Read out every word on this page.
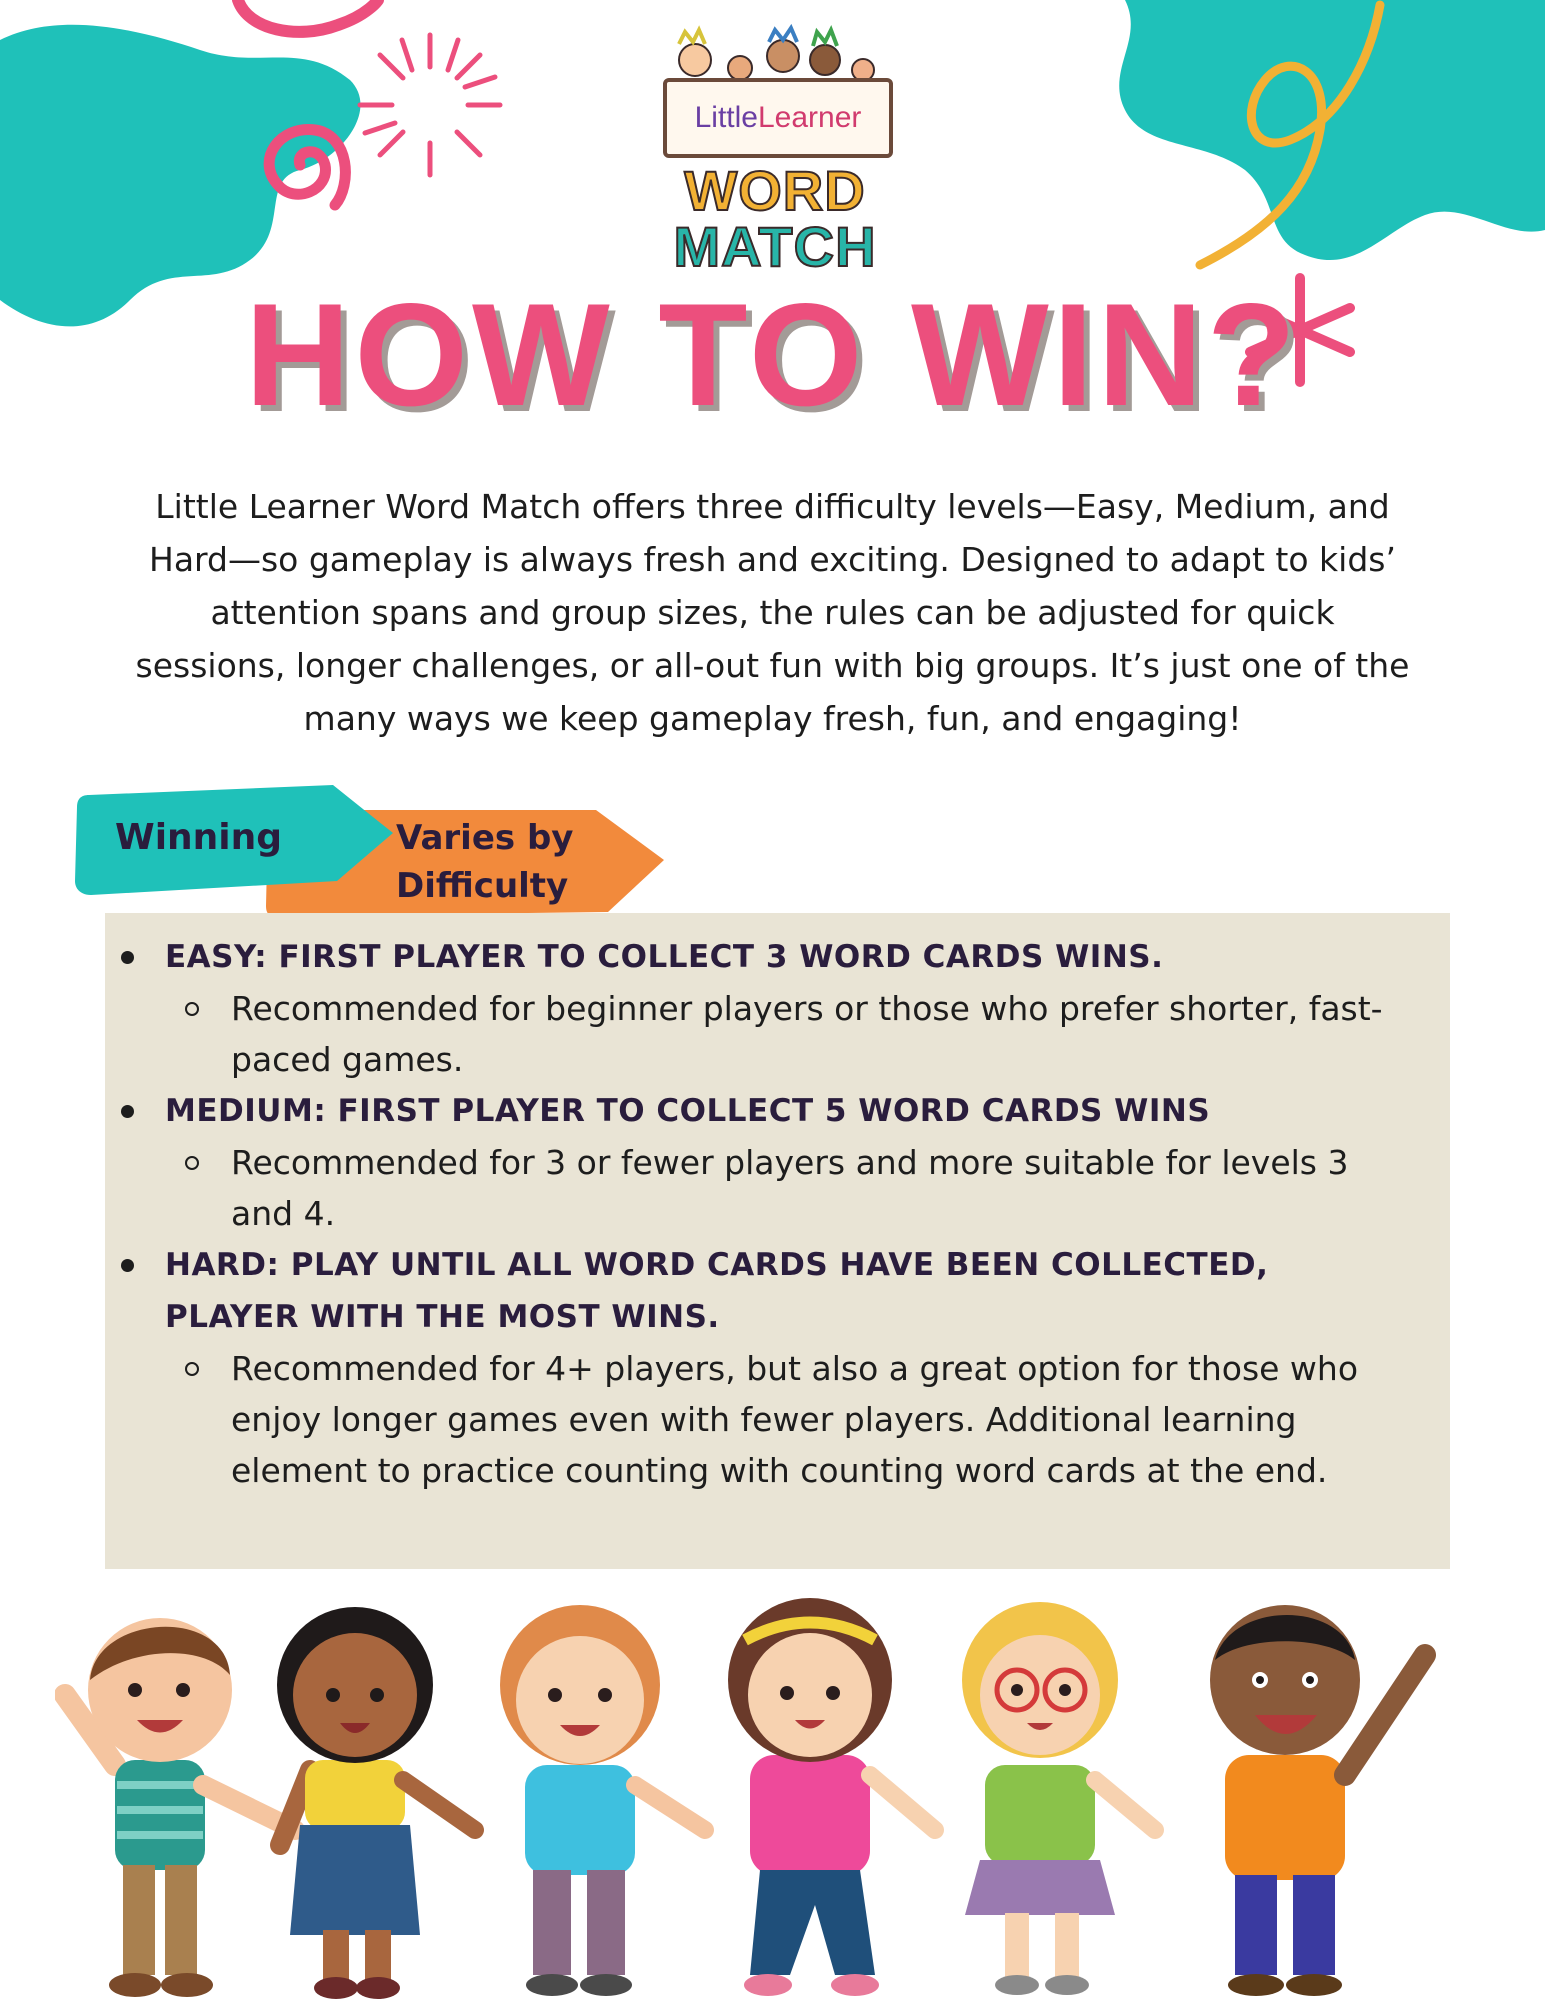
Little Learner
WORD
MATCH
HOW TO WIN?
Little Learner Word Match offers three difficulty levels—Easy, Medium, and Hard—so gameplay is always fresh and exciting. Designed to adapt to kids’ attention spans and group sizes, the rules can be adjusted for quick sessions, longer challenges, or all-out fun with big groups. It’s just one of the many ways we keep gameplay fresh, fun, and engaging!
Varies by Difficulty
Winning
EASY: FIRST PLAYER TO COLLECT 3 WORD CARDS WINS.
Recommended for beginner players or those who prefer shorter, fast-paced games.
MEDIUM: FIRST PLAYER TO COLLECT 5 WORD CARDS WINS
Recommended for 3 or fewer players and more suitable for levels 3 and 4.
HARD: PLAY UNTIL ALL WORD CARDS HAVE BEEN COLLECTED, PLAYER WITH THE MOST WINS.
Recommended for 4+ players, but also a great option for those who enjoy longer games even with fewer players. Additional learning element to practice counting with counting word cards at the end.
